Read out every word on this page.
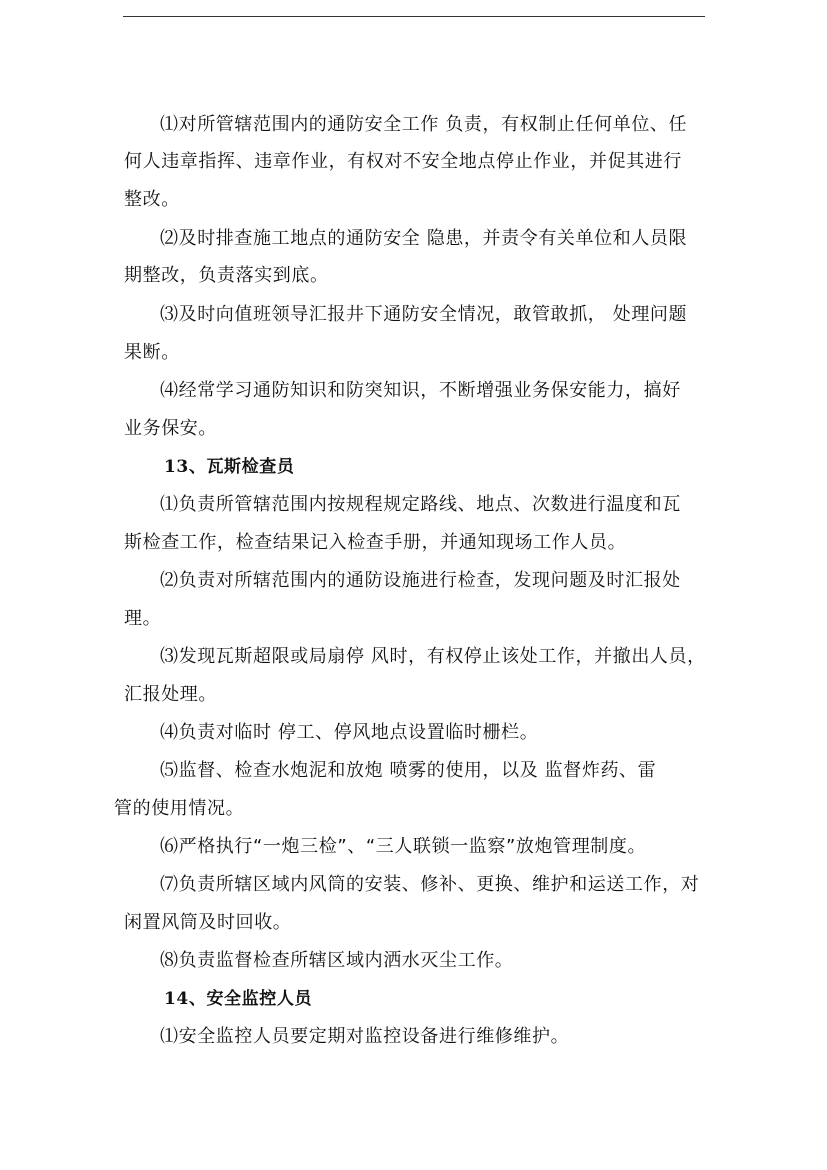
⑴对所管辖范围内的通防安全工作 负责，有权制止任何单位、任
何人违章指挥、违章作业，有权对不安全地点停止作业，并促其进行
整改。
⑵及时排查施工地点的通防安全 隐患，并责令有关单位和人员限
期整改，负责落实到底。
⑶及时向值班领导汇报井下通防安全情况，敢管敢抓， 处理问题
果断。
⑷经常学习通防知识和防突知识，不断增强业务保安能力，搞好
业务保安。
13、瓦斯检查员
⑴负责所管辖范围内按规程规定路线、地点、次数进行温度和瓦
斯检查工作，检查结果记入检查手册，并通知现场工作人员。
⑵负责对所辖范围内的通防设施进行检查，发现问题及时汇报处
理。
⑶发现瓦斯超限或局扇停 风时，有权停止该处工作，并撤出人员，
汇报处理。
⑷负责对临时 停工、停风地点设置临时栅栏。
⑸监督、检查水炮泥和放炮 喷雾的使用，以及 监督炸药、雷
管的使用情况。
⑹严格执行“一炮三检”、“三人联锁一监察”放炮管理制度。
⑺负责所辖区域内风筒的安装、修补、更换、维护和运送工作，对
闲置风筒及时回收。
⑻负责监督检查所辖区域内洒水灭尘工作。
14、安全监控人员
⑴安全监控人员要定期对监控设备进行维修维护。
